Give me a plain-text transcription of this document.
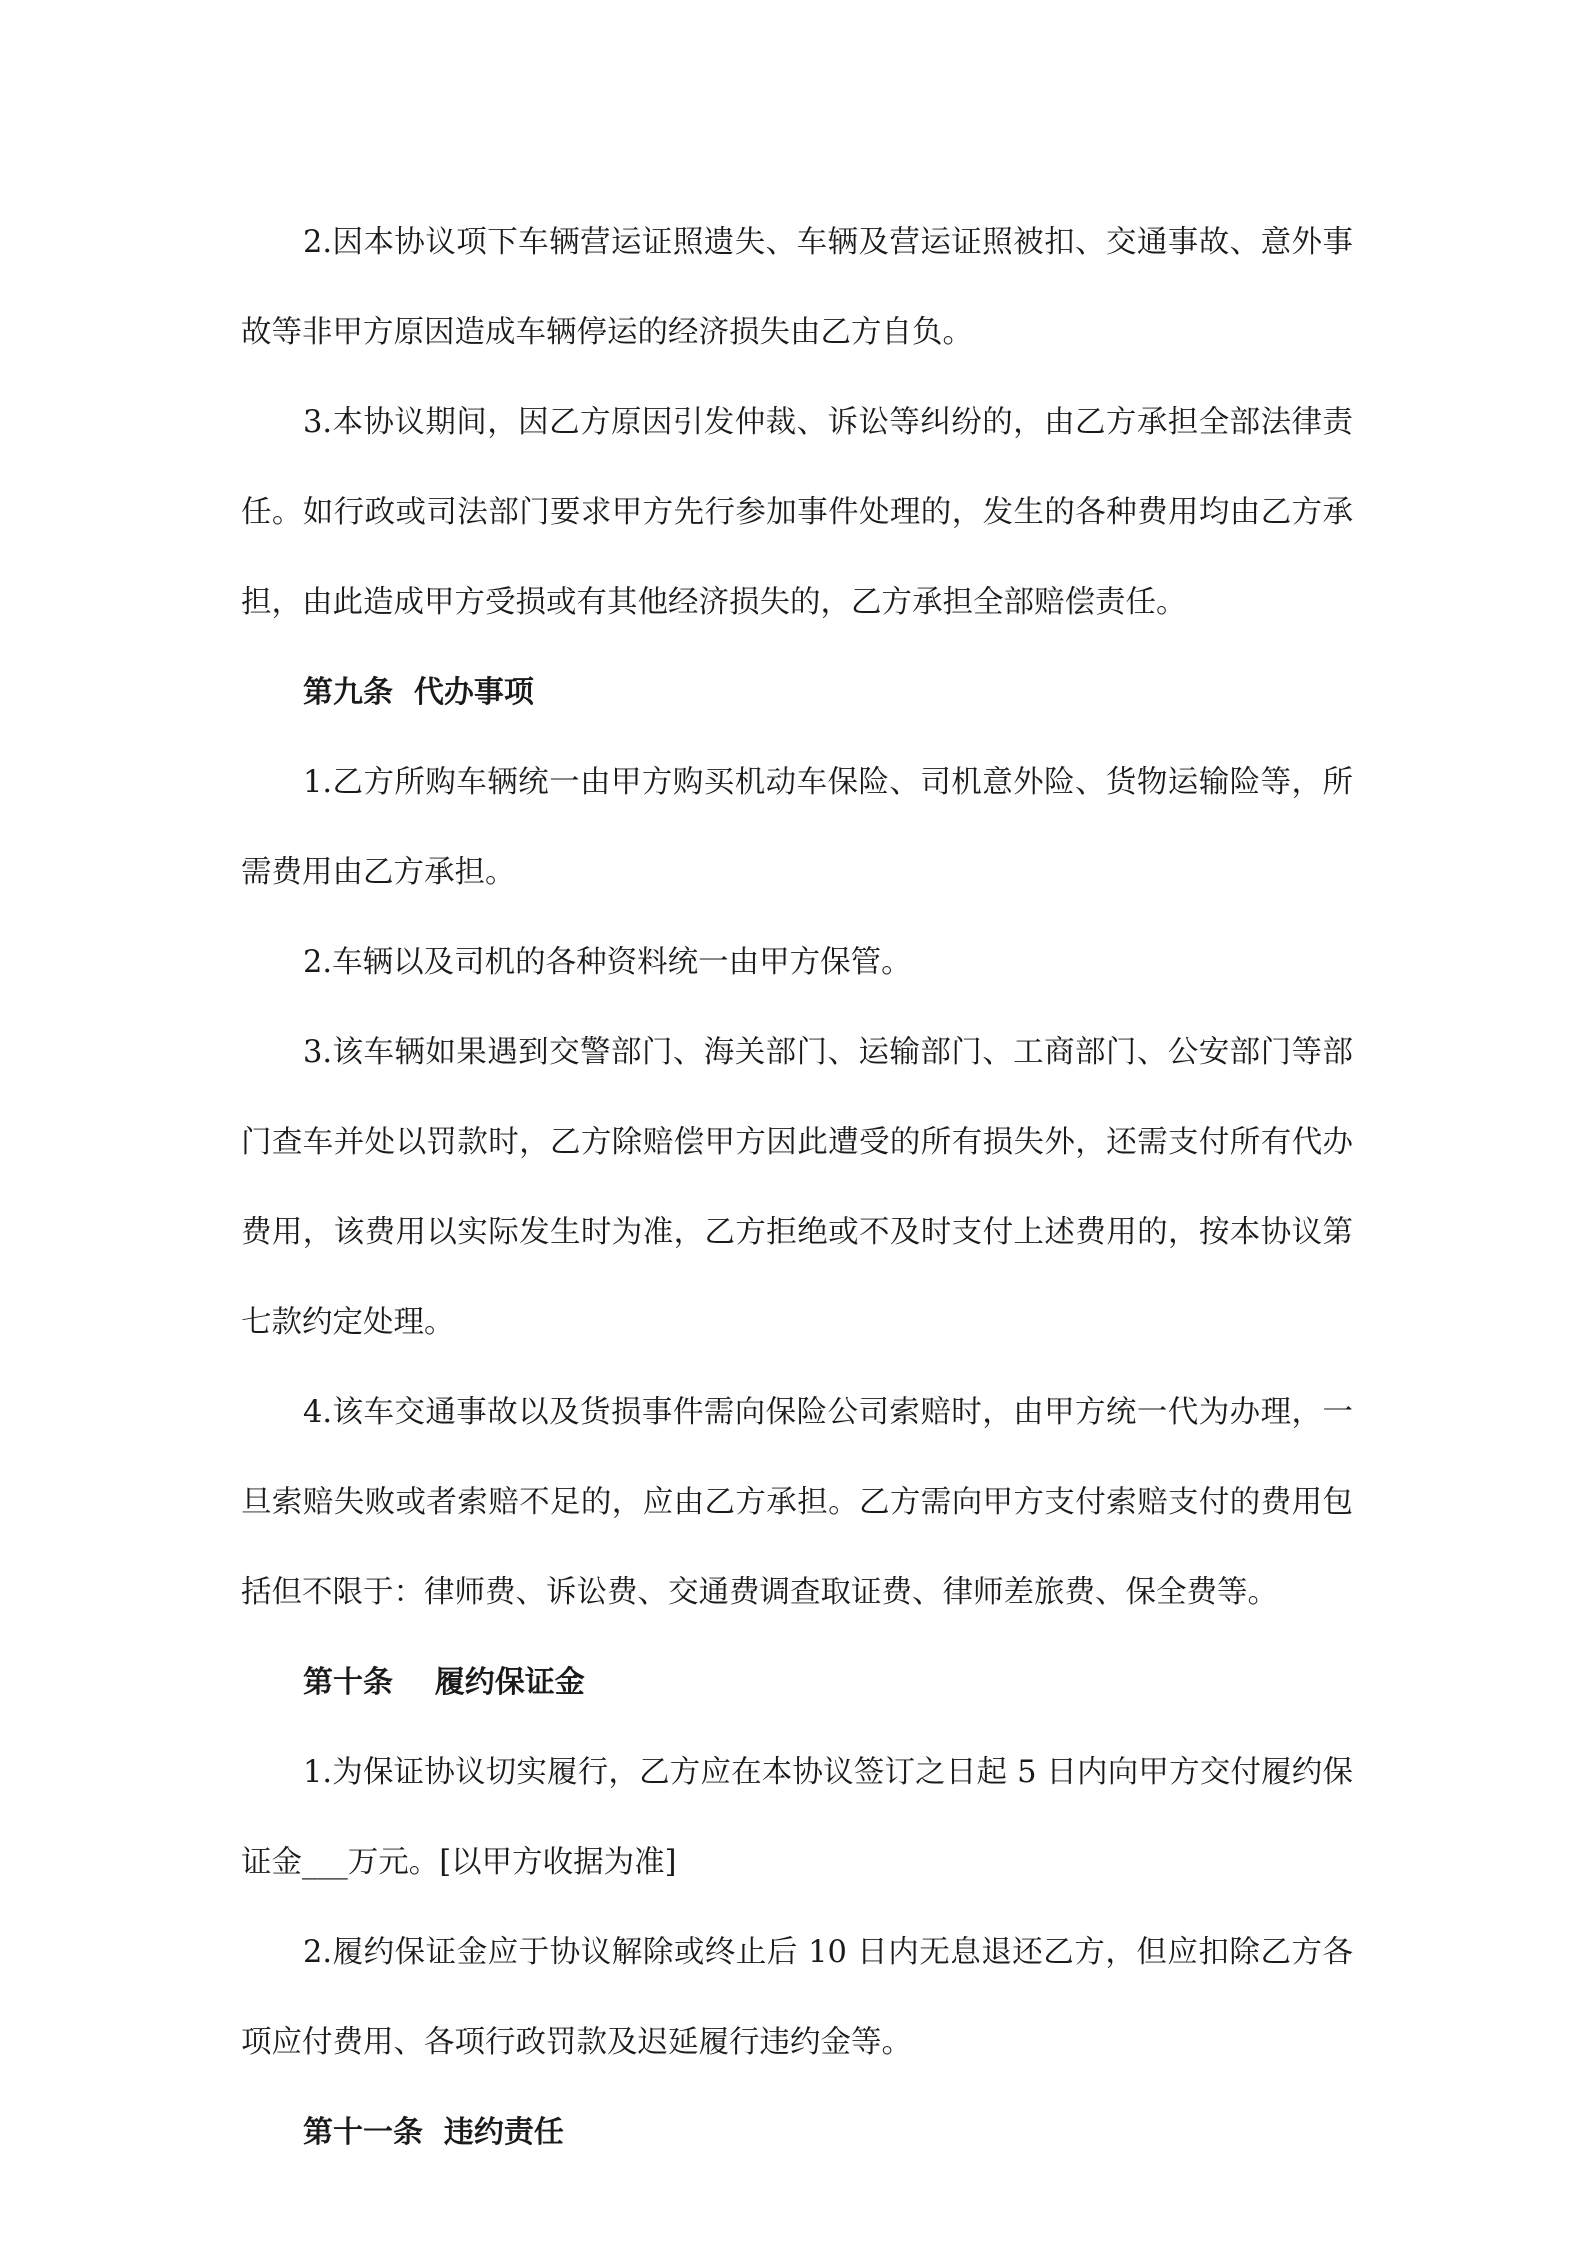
2.因本协议项下车辆营运证照遗失、车辆及营运证照被扣、交通事故、意外事故等非甲方原因造成车辆停运的经济损失由乙方自负。

3.本协议期间，因乙方原因引发仲裁、诉讼等纠纷的，由乙方承担全部法律责任。如行政或司法部门要求甲方先行参加事件处理的，发生的各种费用均由乙方承担，由此造成甲方受损或有其他经济损失的，乙方承担全部赔偿责任。

第九条  代办事项

1.乙方所购车辆统一由甲方购买机动车保险、司机意外险、货物运输险等，所需费用由乙方承担。

2.车辆以及司机的各种资料统一由甲方保管。

3.该车辆如果遇到交警部门、海关部门、运输部门、工商部门、公安部门等部门查车并处以罚款时，乙方除赔偿甲方因此遭受的所有损失外，还需支付所有代办费用，该费用以实际发生时为准，乙方拒绝或不及时支付上述费用的，按本协议第七款约定处理。

4.该车交通事故以及货损事件需向保险公司索赔时，由甲方统一代为办理，一旦索赔失败或者索赔不足的，应由乙方承担。乙方需向甲方支付索赔支付的费用包括但不限于：律师费、诉讼费、交通费调查取证费、律师差旅费、保全费等。

第十条    履约保证金

1.为保证协议切实履行，乙方应在本协议签订之日起 5 日内向甲方交付履约保证金___万元。[以甲方收据为准]

2.履约保证金应于协议解除或终止后 10 日内无息退还乙方，但应扣除乙方各项应付费用、各项行政罚款及迟延履行违约金等。

第十一条  违约责任
